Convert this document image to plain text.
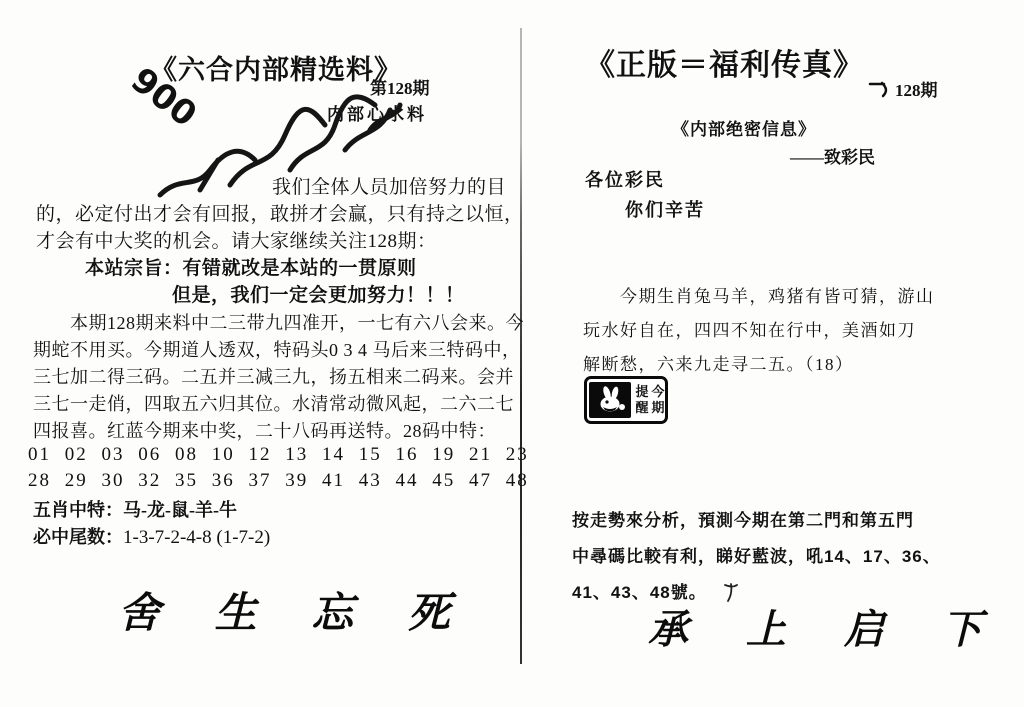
《六合内部精选料》
第128期
内部心水料
900
我们全体人员加倍努力的目
的，必定付出才会有回报，敢拼才会赢，只有持之以恒，
才会有中大奖的机会。请大家继续关注128期：
本站宗旨：有错就改是本站的一贯原则
但是，我们一定会更加努力！！！
　　本期128期来料中二三带九四准开，一七有六八会来。今
期蛇不用买。今期道人透双，特码头0 3 4 马后来三特码中，
三七加二得三码。二五并三减三九，扬五相来二码来。会并
三七一走俏，四取五六归其位。水清常动微风起，二六二七
四报喜。红蓝今期来中奖，二十八码再送特。28码中特：
01 02 03 06 08 10 12 13 14 15 16 19 21 23
28 29 30 32 35 36 37 39 41 43 44 45 47 48
五肖中特：马-龙-鼠-羊-牛
必中尾数：1-3-7-2-4-8 (1-7-2)
舍 生 忘 死
《正版＝福利传真》
128期
《内部绝密信息》
——致彩民
各位彩民
你们辛苦
　　今期生肖兔马羊，鸡猪有皆可猜，游山
玩水好自在，四四不知在行中，美酒如刀
解断愁，六来九走寻二五。（18）
提 今
醒 期
按走勢來分析，預測今期在第二門和第五門
中尋碼比較有利，睇好藍波，吼14、17、36、
41、43、48號。
承 上 启 下
